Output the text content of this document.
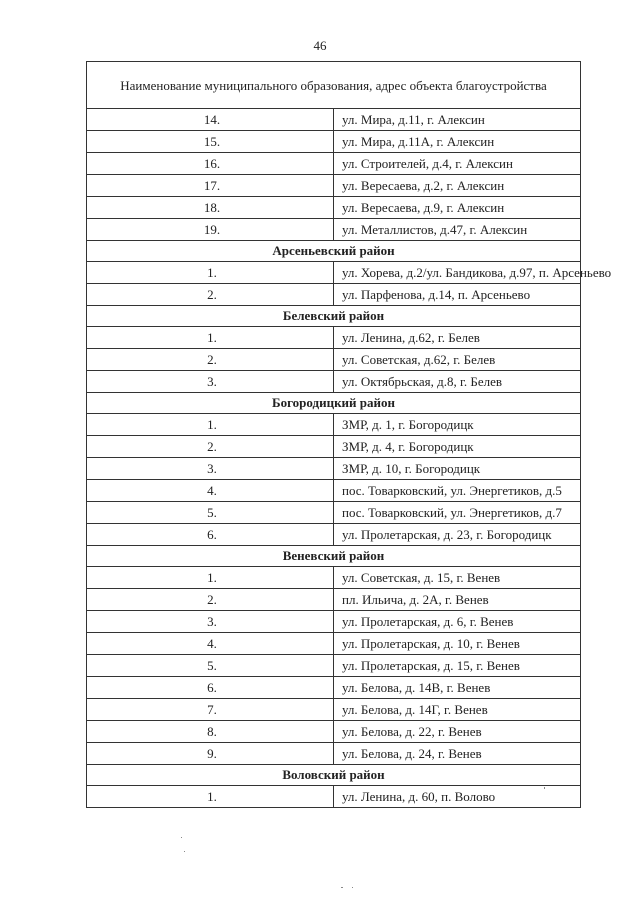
46
Наименование муниципального образования, адрес объекта благоустройства	
14.	ул. Мира, д.11, г. Алексин
15.	ул. Мира, д.11А, г. Алексин
16.	ул. Строителей, д.4, г. Алексин
17.	ул. Вересаева, д.2, г. Алексин
18.	ул. Вересаева, д.9, г. Алексин
19.	ул. Металлистов, д.47, г. Алексин
Арсеньевский район	
1.	ул. Хорева, д.2/ул. Бандикова, д.97, п. Арсеньево
2.	ул. Парфенова, д.14, п. Арсеньево
Белевский район	
1.	ул. Ленина, д.62, г. Белев
2.	ул. Советская, д.62, г. Белев
3.	ул. Октябрьская, д.8, г. Белев
Богородицкий район	
1.	ЗМР, д. 1, г. Богородицк
2.	ЗМР, д. 4, г. Богородицк
3.	ЗМР, д. 10, г. Богородицк
4.	пос. Товарковский, ул. Энергетиков, д.5
5.	пос. Товарковский, ул. Энергетиков, д.7
6.	ул. Пролетарская, д. 23, г. Богородицк
Веневский район	
1.	ул. Советская, д. 15, г. Венев
2.	пл. Ильича, д. 2А, г. Венев
3.	ул. Пролетарская, д. 6, г. Венев
4.	ул. Пролетарская, д. 10, г. Венев
5.	ул. Пролетарская, д. 15, г. Венев
6.	ул. Белова, д. 14В, г. Венев
7.	ул. Белова, д. 14Г, г. Венев
8.	ул. Белова, д. 22, г. Венев
9.	ул. Белова, д. 24, г. Венев
Воловский район	
1.	ул. Ленина, д. 60, п. Волово
